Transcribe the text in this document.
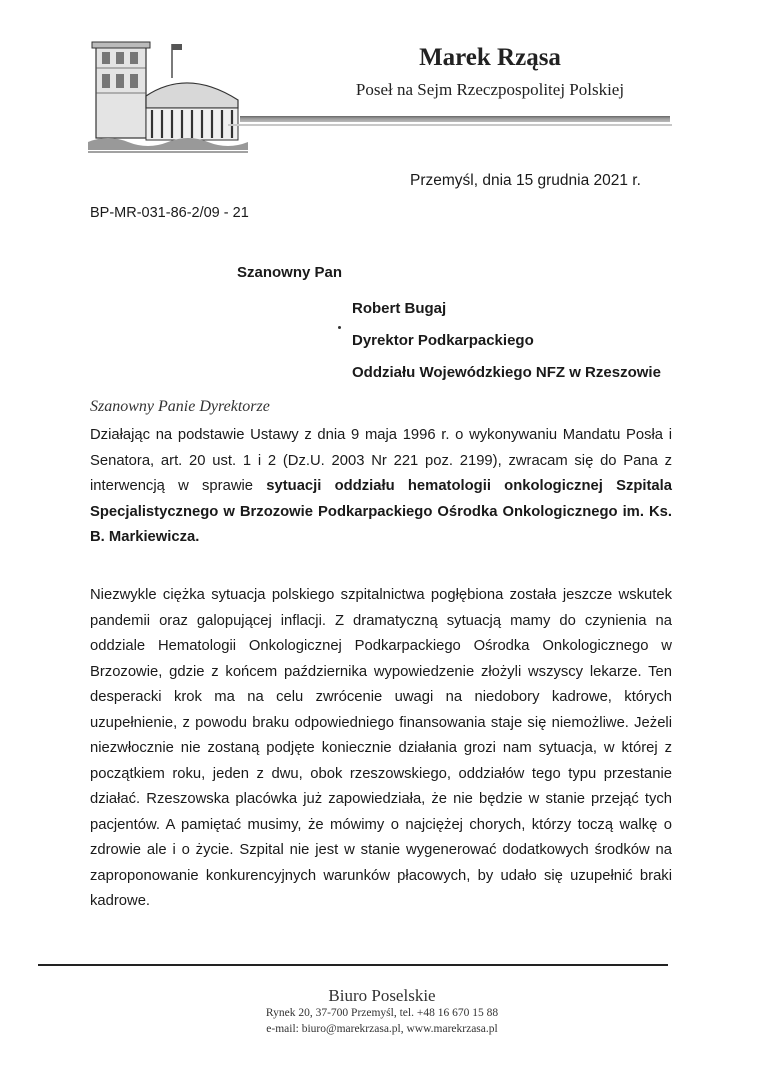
Marek Rząsa
Poseł na Sejm Rzeczpospolitej Polskiej
Przemyśl, dnia 15 grudnia 2021 r.
BP-MR-031-86-2/09 - 21
Szanowny Pan
Robert Bugaj
Dyrektor Podkarpackiego
Oddziału Wojewódzkiego NFZ w Rzeszowie
Szanowny Panie Dyrektorze

Działając na podstawie Ustawy z dnia 9 maja 1996 r. o wykonywaniu Mandatu Posła i Senatora, art. 20 ust. 1 i 2 (Dz.U. 2003 Nr 221 poz. 2199), zwracam się do Pana z interwencją w sprawie sytuacji oddziału hematologii onkologicznej Szpitala Specjalistycznego w Brzozowie Podkarpackiego Ośrodka Onkologicznego im. Ks. B. Markiewicza.

Niezwykle ciężka sytuacja polskiego szpitalnictwa pogłębiona została jeszcze wskutek pandemii oraz galopującej inflacji. Z dramatyczną sytuacją mamy do czynienia na oddziale Hematologii Onkologicznej Podkarpackiego Ośrodka Onkologicznego w Brzozowie, gdzie z końcem października wypowiedzenie złożyli wszyscy lekarze. Ten desperacki krok ma na celu zwrócenie uwagi na niedobory kadrowe, których uzupełnienie, z powodu braku odpowiedniego finansowania staje się niemożliwe. Jeżeli niezwłocznie nie zostaną podjęte koniecznie działania grozi nam sytuacja, w której z początkiem roku, jeden z dwu, obok rzeszowskiego, oddziałów tego typu przestanie działać. Rzeszowska placówka już zapowiedziała, że nie będzie w stanie przejąć tych pacjentów. A pamiętać musimy, że mówimy o najciężej chorych, którzy toczą walkę o zdrowie ale i o życie. Szpital nie jest w stanie wygenerować dodatkowych środków na zaproponowanie konkurencyjnych warunków płacowych, by udało się uzupełnić braki kadrowe.

Biuro Poselskie
Rynek 20, 37-700 Przemyśl, tel. +48 16 670 15 88
e-mail: biuro@marekrzasa.pl, www.marekrzasa.pl
